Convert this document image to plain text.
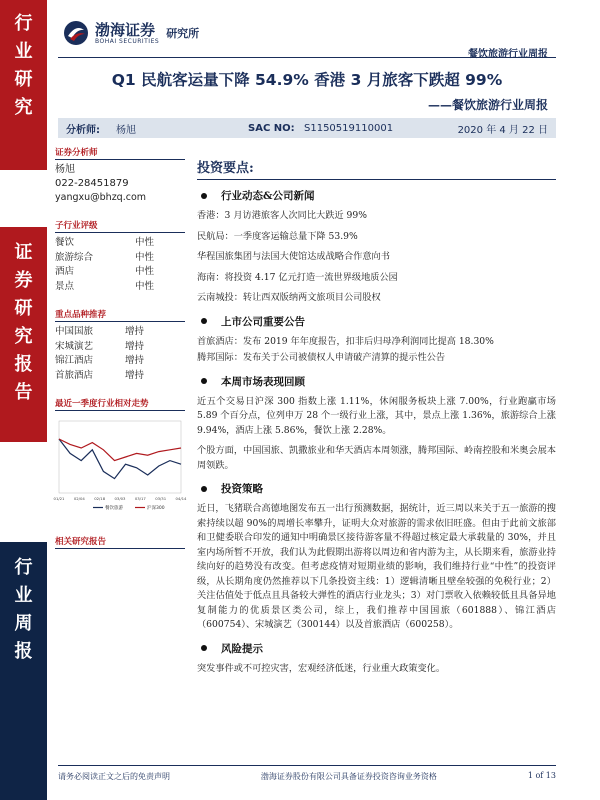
行
业
研
究
证
券
研
究
报
告
行
业
周
报
渤海证券
BOHAI SECURITIES
研究所
餐饮旅游行业周报
Q1 民航客运量下降 54.9% 香港 3 月旅客下跌超 99%
——餐饮旅游行业周报
分析师: 杨旭	SAC NO: S1150519110001	2020 年 4 月 22 日
证券分析师
杨旭
022-28451879
yangxu@bhzq.com
子行业评级
餐饮	中性
旅游综合	中性
酒店	中性
景点	中性
重点品种推荐
中国国旅	增持
宋城演艺	增持
锦江酒店	增持
首旅酒店	增持
最近一季度行业相对走势
01/21 02/04 02/18 03/03 03/17 03/31 04/14
餐饮旅游	沪深300
相关研究报告
投资要点:
行业动态&公司新闻
香港：3 月访港旅客人次同比大跌近 99%
民航局：一季度客运输总量下降 53.9%
华程国旅集团与法国大使馆达成战略合作意向书
海南：将投资 4.17 亿元打造一流世界级地质公园
云南城投：转让西双版纳两文旅项目公司股权
上市公司重要公告
首旅酒店：发布 2019 年年度报告，扣非后归母净利润同比提高 18.30%
腾邦国际：发布关于公司被债权人申请破产清算的提示性公告
本周市场表现回顾
近五个交易日沪深 300 指数上涨 1.11%，休闲服务板块上涨 7.00%，行业跑赢市场 5.89 个百分点，位列申万 28 个一级行业上涨，其中，景点上涨 1.36%，旅游综合上涨 9.94%，酒店上涨 5.86%，餐饮上涨 2.28%。
个股方面，中国国旅、凯撒旅业和华天酒店本周领涨，腾邦国际、岭南控股和米奥会展本周领跌。
投资策略
近日，飞猪联合高德地图发布五一出行预测数据，据统计，近三周以来关于五一旅游的搜索持续以超 90%的周增长率攀升，证明大众对旅游的需求依旧旺盛。但由于此前文旅部和卫健委联合印发的通知中明确景区接待游客量不得超过核定最大承载量的 30%，并且室内场所暂不开放，我们认为此假期出游将以周边和省内游为主，从长期来看，旅游业持续向好的趋势没有改变。但考虑疫情对短期业绩的影响，我们维持行业“中性”的投资评级，从长期角度仍然推荐以下几条投资主线：1）逻辑清晰且壁垒较强的免税行业；2）关注估值处于低点且具备较大弹性的酒店行业龙头；3）对门票收入依赖较低且具备异地复制能力的优质景区类公司，综上，我们推荐中国国旅（601888）、锦江酒店（600754）、宋城演艺（300144）以及首旅酒店（600258）。
风险提示
突发事件或不可控灾害，宏观经济低迷，行业重大政策变化。
请务必阅读正文之后的免责声明	渤海证券股份有限公司具备证券投资咨询业务资格	1 of 13
